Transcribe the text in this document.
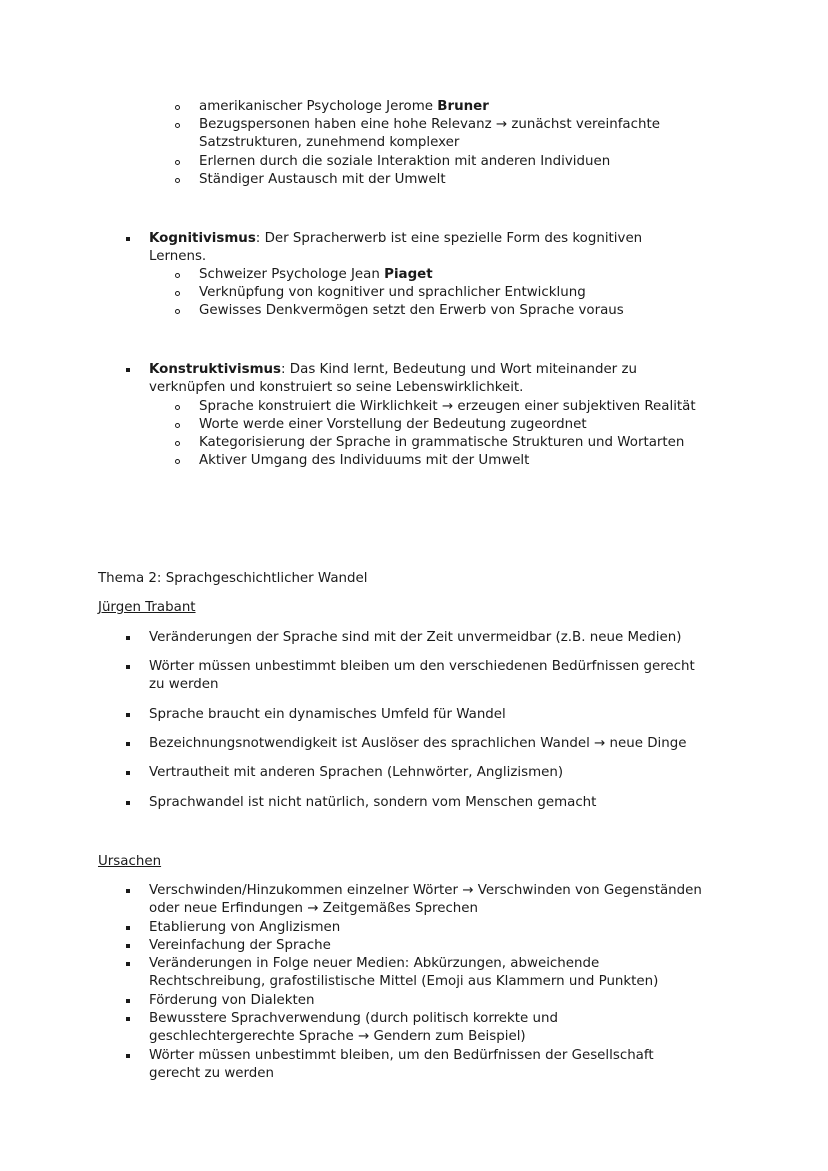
amerikanischer Psychologe Jerome Bruner
Bezugspersonen haben eine hohe Relevanz → zunächst vereinfachte
Satzstrukturen, zunehmend komplexer
Erlernen durch die soziale Interaktion mit anderen Individuen
Ständiger Austausch mit der Umwelt
Kognitivismus: Der Spracherwerb ist eine spezielle Form des kognitiven
Lernens.
Schweizer Psychologe Jean Piaget
Verknüpfung von kognitiver und sprachlicher Entwicklung
Gewisses Denkvermögen setzt den Erwerb von Sprache voraus
Konstruktivismus: Das Kind lernt, Bedeutung und Wort miteinander zu
verknüpfen und konstruiert so seine Lebenswirklichkeit.
Sprache konstruiert die Wirklichkeit → erzeugen einer subjektiven Realität
Worte werde einer Vorstellung der Bedeutung zugeordnet
Kategorisierung der Sprache in grammatische Strukturen und Wortarten
Aktiver Umgang des Individuums mit der Umwelt
Thema 2: Sprachgeschichtlicher Wandel
Jürgen Trabant
Veränderungen der Sprache sind mit der Zeit unvermeidbar (z.B. neue Medien)
Wörter müssen unbestimmt bleiben um den verschiedenen Bedürfnissen gerecht
zu werden
Sprache braucht ein dynamisches Umfeld für Wandel
Bezeichnungsnotwendigkeit ist Auslöser des sprachlichen Wandel → neue Dinge
Vertrautheit mit anderen Sprachen (Lehnwörter, Anglizismen)
Sprachwandel ist nicht natürlich, sondern vom Menschen gemacht
Ursachen
Verschwinden/Hinzukommen einzelner Wörter → Verschwinden von Gegenständen
oder neue Erfindungen → Zeitgemäßes Sprechen
Etablierung von Anglizismen
Vereinfachung der Sprache
Veränderungen in Folge neuer Medien: Abkürzungen, abweichende
Rechtschreibung, grafostilistische Mittel (Emoji aus Klammern und Punkten)
Förderung von Dialekten
Bewusstere Sprachverwendung (durch politisch korrekte und
geschlechtergerechte Sprache → Gendern zum Beispiel)
Wörter müssen unbestimmt bleiben, um den Bedürfnissen der Gesellschaft
gerecht zu werden
